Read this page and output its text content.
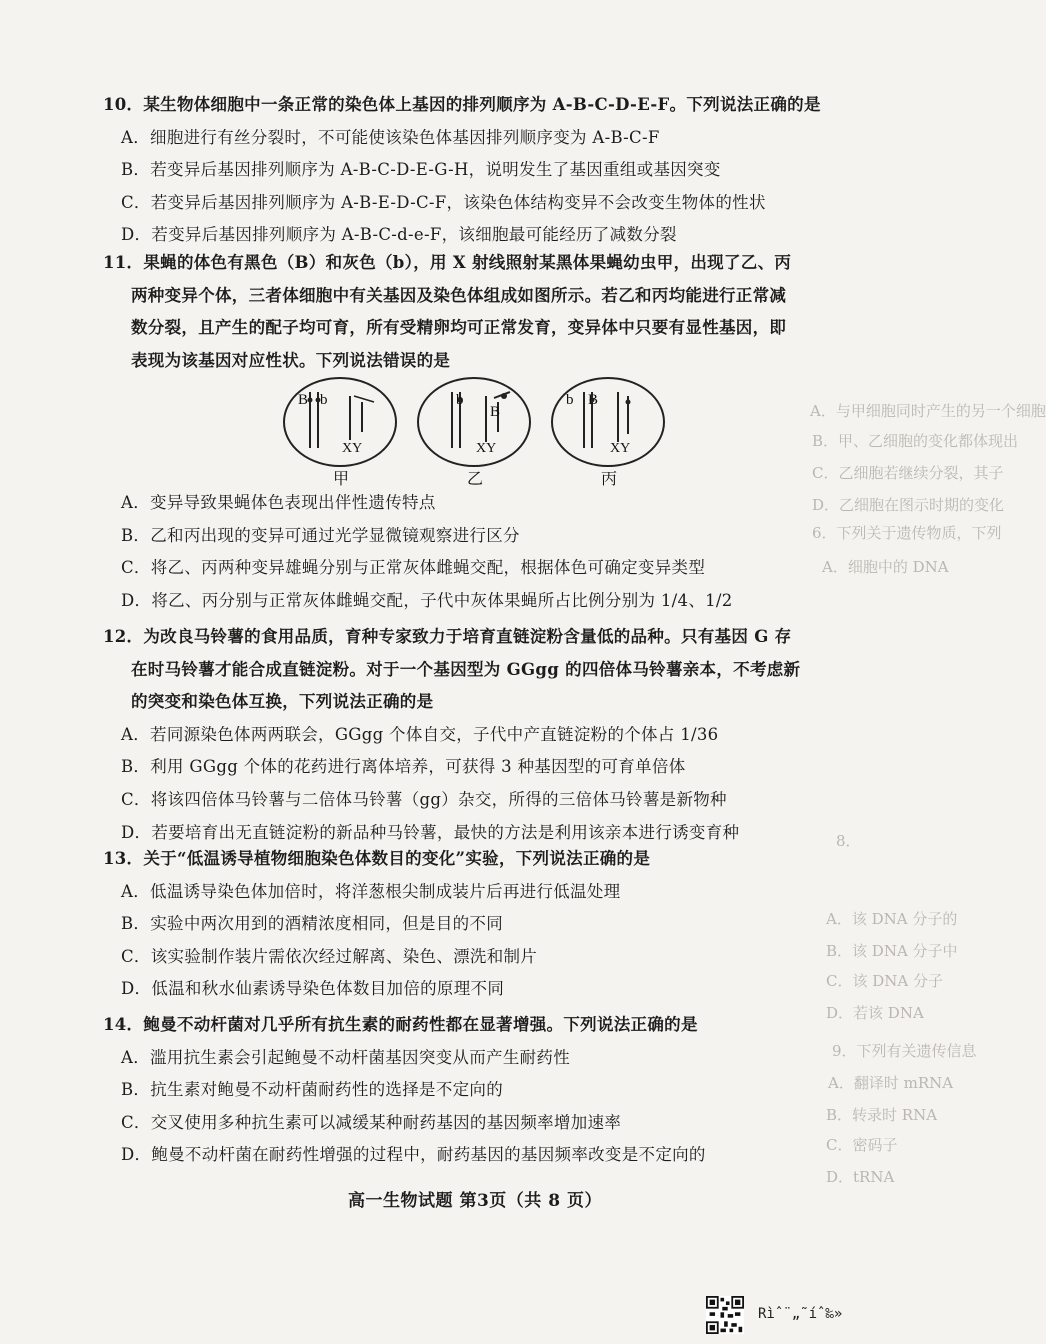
A．与甲细胞同时产生的另一个细胞
B．甲、乙细胞的变化都体现出
C．乙细胞若继续分裂，其子
D．乙细胞在图示时期的变化
6．下列关于遗传物质，下列
A．细胞中的 DNA
8．
A．该 DNA 分子的
B．该 DNA 分子中
C．该 DNA 分子
D．若该 DNA
9．下列有关遗传信息
A．翻译时 mRNA
B．转录时 RNA
C．密码子
D．tRNA
10．某生物体细胞中一条正常的染色体上基因的排列顺序为 A-B-C-D-E-F。下列说法正确的是
A．细胞进行有丝分裂时，不可能使该染色体基因排列顺序变为 A-B-C-F
B．若变异后基因排列顺序为 A-B-C-D-E-G-H，说明发生了基因重组或基因突变
C．若变异后基因排列顺序为 A-B-E-D-C-F，该染色体结构变异不会改变生物体的性状
D．若变异后基因排列顺序为 A-B-C-d-e-F，该细胞最可能经历了减数分裂
11．果蝇的体色有黑色（B）和灰色（b），用 X 射线照射某黑体果蝇幼虫甲，出现了乙、丙
两种变异个体，三者体细胞中有关基因及染色体组成如图所示。若乙和丙均能进行正常减
数分裂，且产生的配子均可育，所有受精卵均可正常发育，变异体中只要有显性基因，即
表现为该基因对应性状。下列说法错误的是
A．变异导致果蝇体色表现出伴性遗传特点
B．乙和丙出现的变异可通过光学显微镜观察进行区分
C．将乙、丙两种变异雄蝇分别与正常灰体雌蝇交配，根据体色可确定变异类型
D．将乙、丙分别与正常灰体雌蝇交配，子代中灰体果蝇所占比例分别为 1/4、1/2
12．为改良马铃薯的食用品质，育种专家致力于培育直链淀粉含量低的品种。只有基因 G 存
在时马铃薯才能合成直链淀粉。对于一个基因型为 GGgg 的四倍体马铃薯亲本，不考虑新
的突变和染色体互换，下列说法正确的是
A．若同源染色体两两联会，GGgg 个体自交，子代中产直链淀粉的个体占 1/36
B．利用 GGgg 个体的花药进行离体培养，可获得 3 种基因型的可育单倍体
C．将该四倍体马铃薯与二倍体马铃薯（gg）杂交，所得的三倍体马铃薯是新物种
D．若要培育出无直链淀粉的新品种马铃薯，最快的方法是利用该亲本进行诱变育种
13．关于“低温诱导植物细胞染色体数目的变化”实验，下列说法正确的是
A．低温诱导染色体加倍时，将洋葱根尖制成装片后再进行低温处理
B．实验中两次用到的酒精浓度相同，但是目的不同
C．该实验制作装片需依次经过解离、染色、漂洗和制片
D．低温和秋水仙素诱导染色体数目加倍的原理不同
14．鲍曼不动杆菌对几乎所有抗生素的耐药性都在显著增强。下列说法正确的是
A．滥用抗生素会引起鲍曼不动杆菌基因突变从而产生耐药性
B．抗生素对鲍曼不动杆菌耐药性的选择是不定向的
C．交叉使用多种抗生素可以减缓某种耐药基因的基因频率增加速率
D．鲍曼不动杆菌在耐药性增强的过程中，耐药基因的基因频率改变是不定向的
B b
XY
甲
b
B
XY
乙
b B
XY
丙
高一生物试题 第3页（共 8 页）
Rìˆ¨„˜íˆ‰»
